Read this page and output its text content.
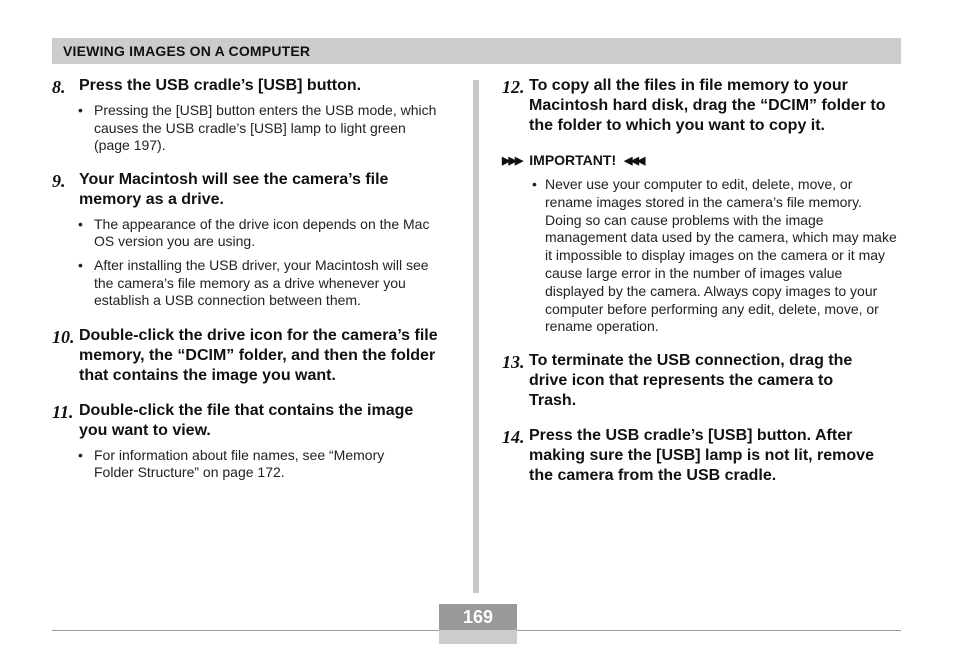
VIEWING IMAGES ON A COMPUTER
8. Press the USB cradle’s [USB] button.
• Pressing the [USB] button enters the USB mode, which causes the USB cradle’s [USB] lamp to light green (page 197).
9. Your Macintosh will see the camera’s file memory as a drive.
• The appearance of the drive icon depends on the Mac OS version you are using.
• After installing the USB driver, your Macintosh will see the camera’s file memory as a drive whenever you establish a USB connection between them.
10. Double-click the drive icon for the camera’s file memory, the “DCIM” folder, and then the folder that contains the image you want.
11. Double-click the file that contains the image you want to view.
• For information about file names, see “Memory Folder Structure” on page 172.
12. To copy all the files in file memory to your Macintosh hard disk, drag the “DCIM” folder to the folder to which you want to copy it.
▶▶▶ IMPORTANT! ◀◀◀
• Never use your computer to edit, delete, move, or rename images stored in the camera’s file memory. Doing so can cause problems with the image management data used by the camera, which may make it impossible to display images on the camera or it may cause large error in the number of images value displayed by the camera. Always copy images to your computer before performing any edit, delete, move, or rename operation.
13. To terminate the USB connection, drag the drive icon that represents the camera to Trash.
14. Press the USB cradle’s [USB] button. After making sure the [USB] lamp is not lit, remove the camera from the USB cradle.
169
